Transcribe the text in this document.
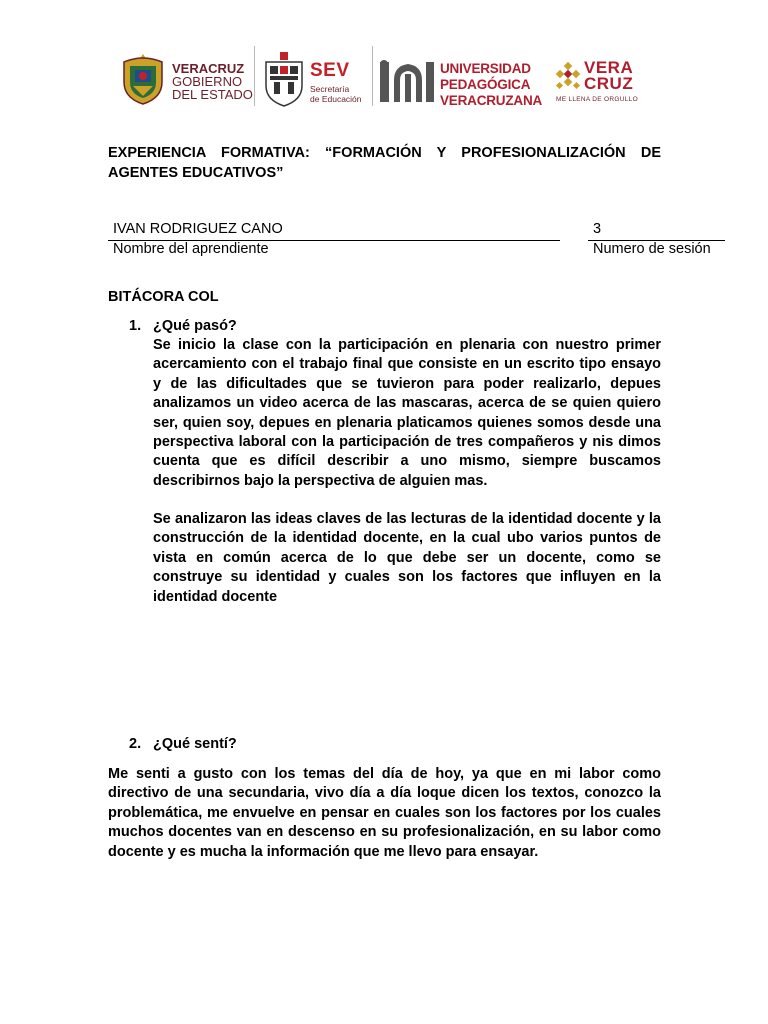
VERACRUZ
GOBIERNO
DEL ESTADO
SEV
Secretaría
de Educación
UNIVERSIDAD
PEDAGÓGICA
VERACRUZANA
VERA
CRUZ
ME LLENA DE ORGULLO
EXPERIENCIA FORMATIVA: “FORMACIÓN Y PROFESIONALIZACIÓN DE AGENTES EDUCATIVOS”
IVAN RODRIGUEZ CANO
Nombre del aprendiente
3
Numero de sesión
BITÁCORA COL
1. ¿Qué pasó?

Se inicio la clase con la participación en plenaria con nuestro primer acercamiento con el trabajo final que consiste en un escrito tipo ensayo y de las dificultades que se tuvieron para poder realizarlo, depues analizamos un video acerca de las mascaras, acerca de se quien quiero ser, quien soy, depues en plenaria platicamos quienes somos desde una perspectiva laboral con la participación de tres compañeros y nis dimos cuenta que es difícil describir a uno mismo, siempre buscamos describirnos bajo la perspectiva de alguien mas.

Se analizaron las ideas claves de las lecturas de la identidad docente y la construcción de la identidad docente, en la cual ubo varios puntos de vista en común acerca de lo que debe ser un docente, como se construye su identidad y cuales son los factores que influyen en la identidad docente

2. ¿Qué sentí?

Me senti a gusto con los temas del día de hoy, ya que en mi labor como directivo de una secundaria, vivo día a día loque dicen los textos, conozco la problemática, me envuelve en pensar en cuales son los factores por los cuales muchos docentes van en descenso en su profesionalización, en su labor como docente y es mucha la información que me llevo para ensayar.
